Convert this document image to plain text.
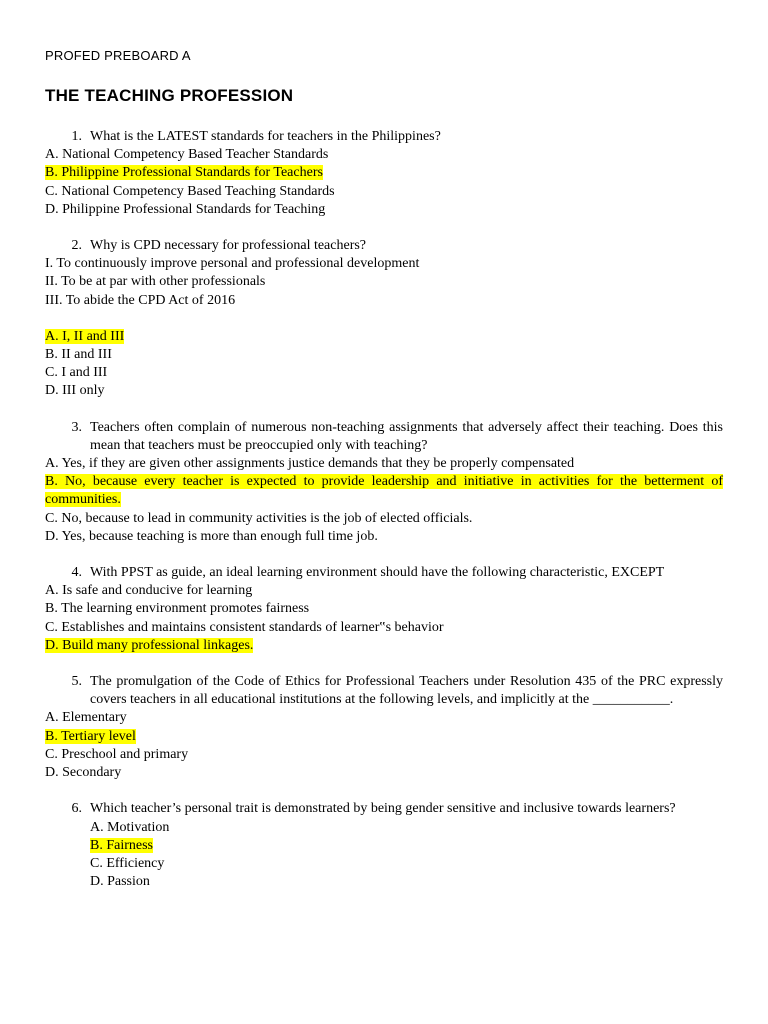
PROFED PREBOARD A
THE TEACHING PROFESSION
1. What is the LATEST standards for teachers in the Philippines?
A. National Competency Based Teacher Standards
B. Philippine Professional Standards for Teachers
C. National Competency Based Teaching Standards
D. Philippine Professional Standards for Teaching
2. Why is CPD necessary for professional teachers?
I. To continuously improve personal and professional development
II. To be at par with other professionals
III. To abide the CPD Act of 2016
A. I, II and III
B. II and III
C. I and III
D. III only
3. Teachers often complain of numerous non-teaching assignments that adversely affect their teaching. Does this mean that teachers must be preoccupied only with teaching?
A. Yes, if they are given other assignments justice demands that they be properly compensated
B. No, because every teacher is expected to provide leadership and initiative in activities for the betterment of communities.
C. No, because to lead in community activities is the job of elected officials.
D. Yes, because teaching is more than enough full time job.
4. With PPST as guide, an ideal learning environment should have the following characteristic, EXCEPT
A. Is safe and conducive for learning
B. The learning environment promotes fairness
C. Establishes and maintains consistent standards of learner‟s behavior
D. Build many professional linkages.
5. The promulgation of the Code of Ethics for Professional Teachers under Resolution 435 of the PRC expressly covers teachers in all educational institutions at the following levels, and implicitly at the ___________.
A. Elementary
B. Tertiary level
C. Preschool and primary
D. Secondary
6. Which teacher’s personal trait is demonstrated by being gender sensitive and inclusive towards learners?
A. Motivation
B. Fairness
C. Efficiency
D. Passion
